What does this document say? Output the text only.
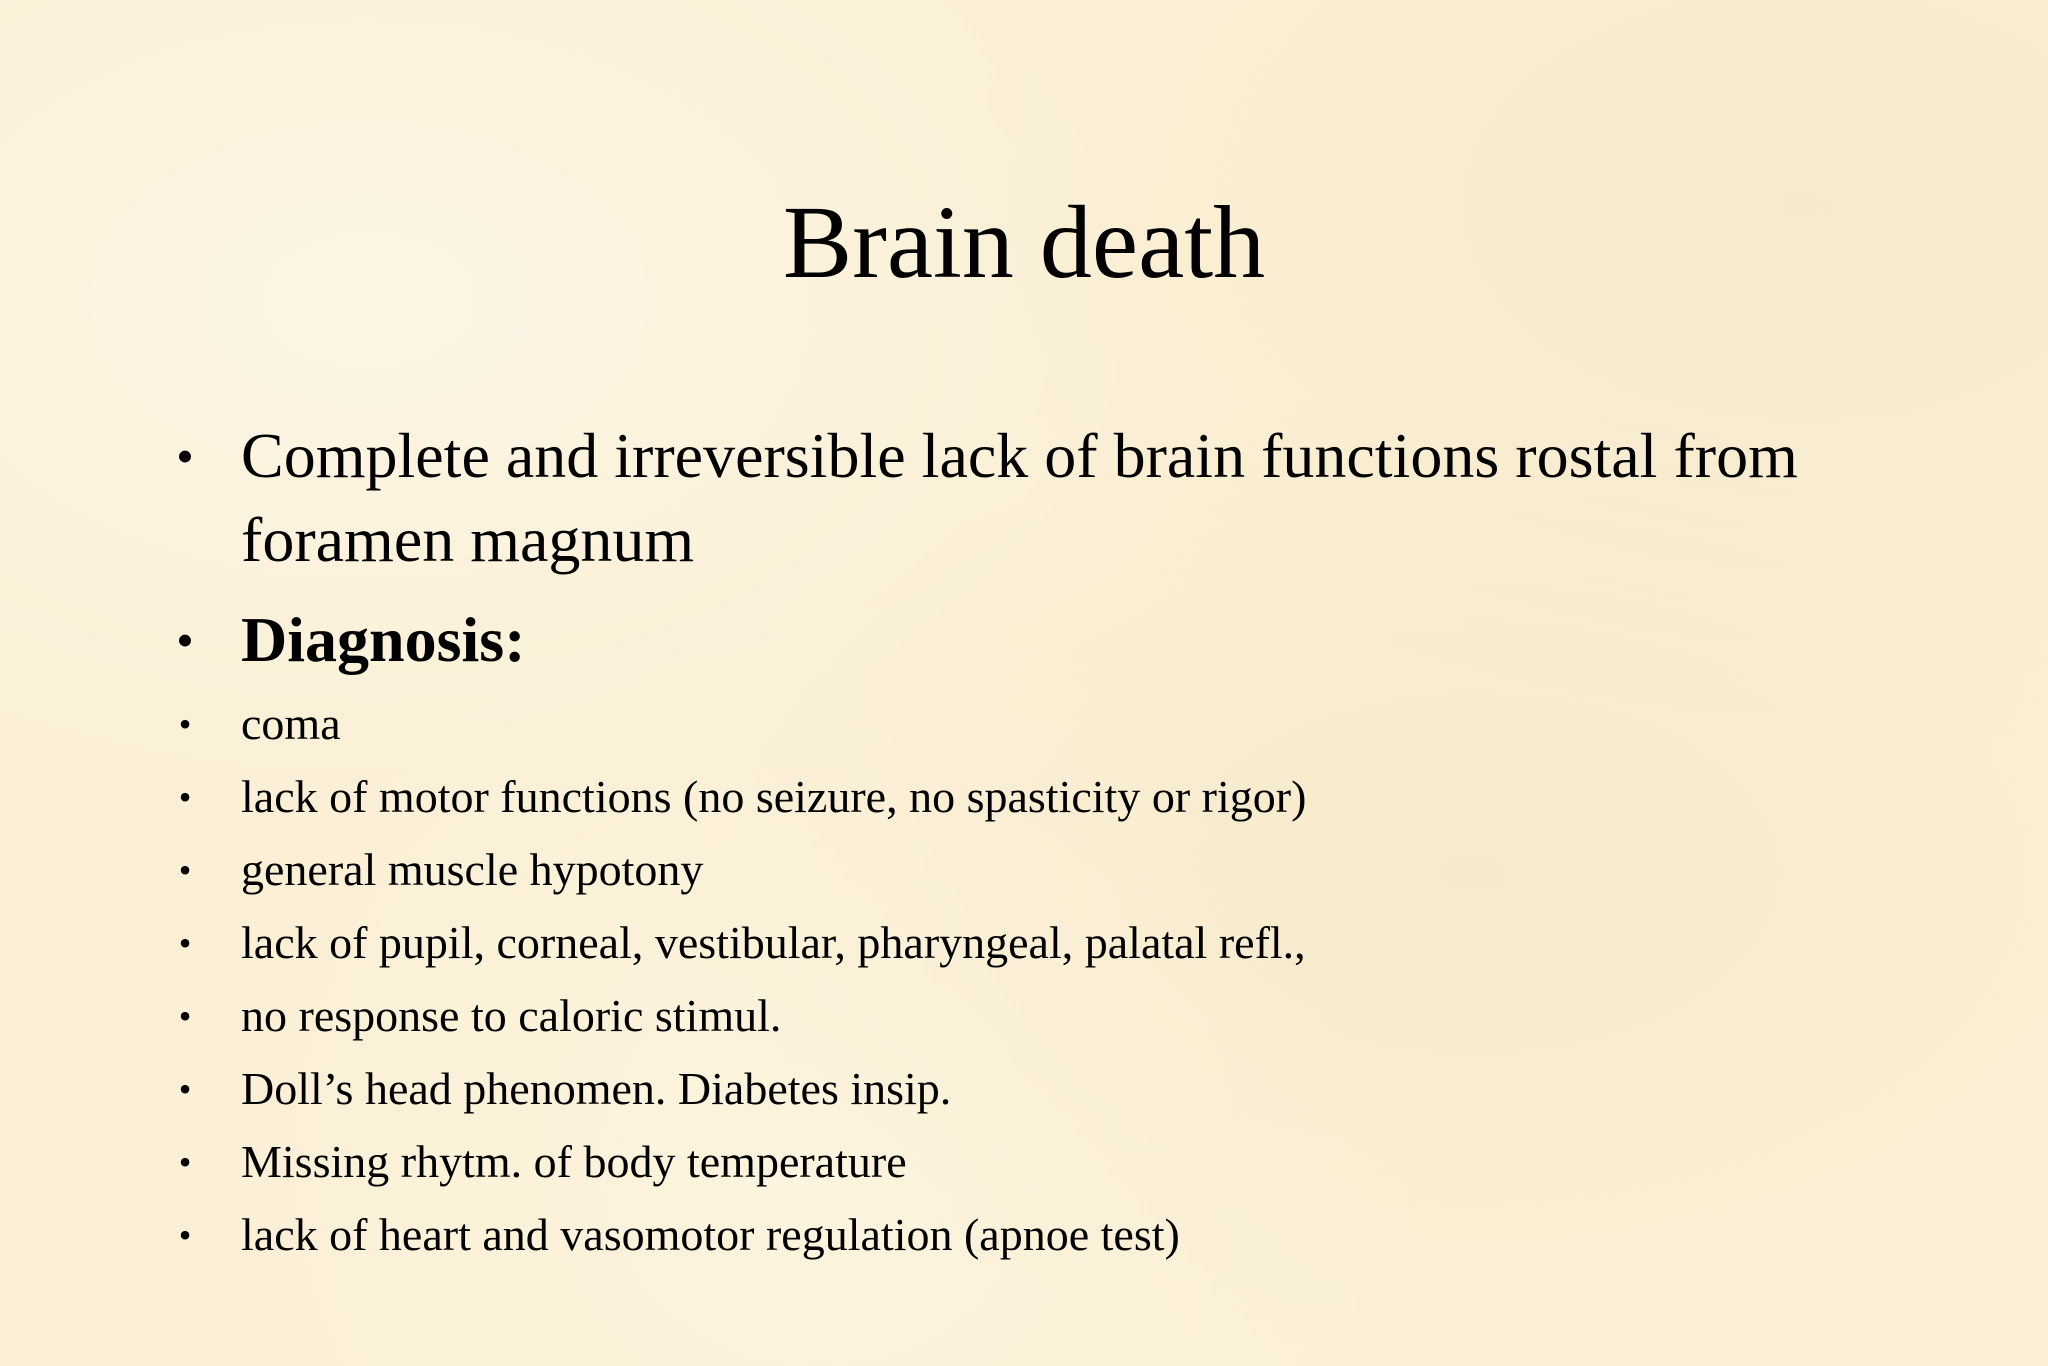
Brain death
• Complete and irreversible lack of brain functions rostal from foramen magnum
• Diagnosis:
• coma
• lack of motor functions (no seizure, no spasticity or rigor)
• general muscle hypotony
• lack of pupil, corneal, vestibular, pharyngeal, palatal refl.,
• no response to caloric stimul.
• Doll’s head phenomen. Diabetes insip.
• Missing rhytm. of body temperature
• lack of heart and vasomotor regulation (apnoe test)
